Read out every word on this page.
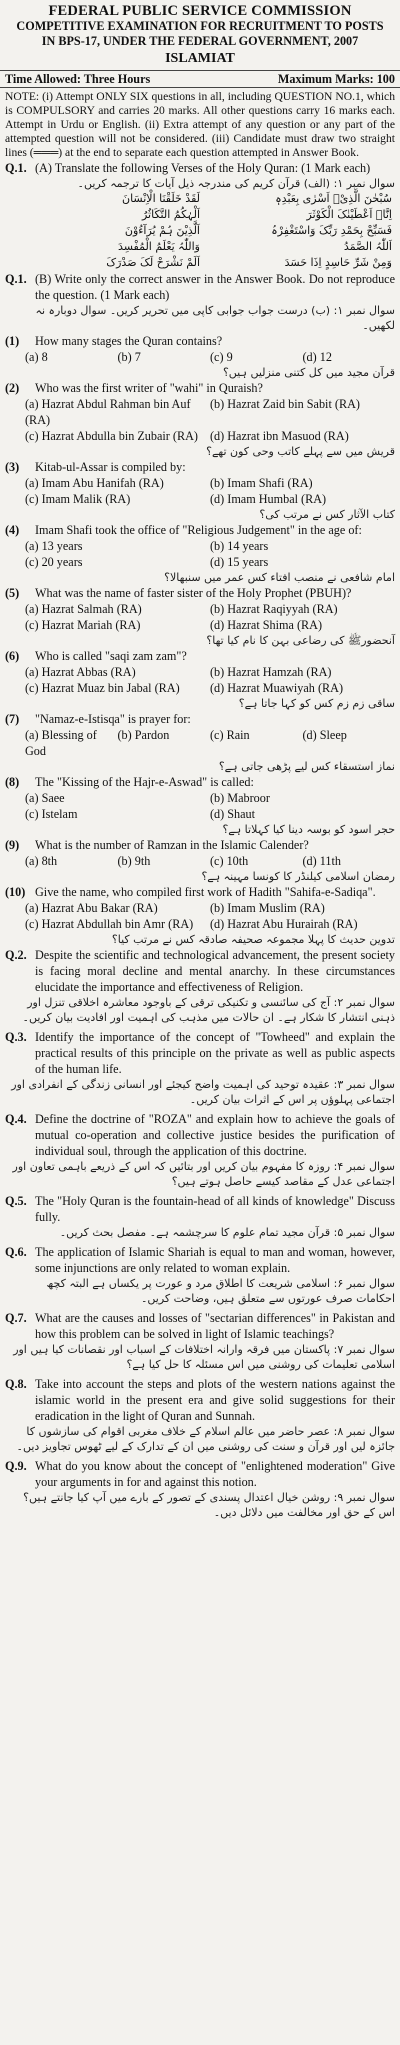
FEDERAL PUBLIC SERVICE COMMISSION
COMPETITIVE EXAMINATION FOR RECRUITMENT TO POSTS
IN BPS-17, UNDER THE FEDERAL GOVERNMENT, 2007
ISLAMIAT
Time Allowed: Three Hours	Maximum Marks: 100
NOTE: (i) Attempt ONLY SIX questions in all, including QUESTION NO.1, which is COMPULSORY and carries 20 marks. All other questions carry 16 marks each. Attempt in Urdu or English. (ii) Extra attempt of any question or any part of the attempted question will not be considered. (iii) Candidate must draw two straight lines (═══) at the end to separate each question attempted in Answer Book.
Q.1. (A) Translate the following Verses of the Holy Quran: (1 Mark each)
سوال نمبر ۱: (الف) قرآن کریم کی مندرجہ ذیل آیات کا ترجمہ کریں۔
سُبْحٰنَ الَّذِیْۤ اَسْرٰی بِعَبْدِہٖ
لَقَدْ خَلَقْنَا الْاِنْسَانَ
اِنَّاۤ اَعْطَیْنٰکَ الْکَوْثَرَ
اَلْہٰکُمُ التَّکَاثُرُ
فَسَبِّحْ بِحَمْدِ رَبِّکَ وَاسْتَغْفِرْہُ
اَلَّذِیْنَ ہُمْ یُرَآءُوْنَ
اَللّٰہُ الصَّمَدُ
وَاللّٰہُ یَعْلَمُ الْمُفْسِدَ
وَمِنْ شَرِّ حَاسِدٍ اِذَا حَسَدَ
اَلَمْ نَشْرَحْ لَکَ صَدْرَکَ
Q.1. (B) Write only the correct answer in the Answer Book. Do not reproduce the question. (1 Mark each)
سوال نمبر ۱: (ب) درست جواب جوابی کاپی میں تحریر کریں۔ سوال دوبارہ نہ لکھیں۔
(1)	How many stages the Quran contains?
(a) 8	(b) 7	(c) 9	(d) 12
قرآن مجید میں کل کتنی منزلیں ہیں؟
(2)	Who was the first writer of "wahi" in Quraish?
(a) Hazrat Abdul Rahman bin Auf (RA)
(b) Hazrat Zaid bin Sabit (RA)
(c) Hazrat Abdulla bin Zubair (RA) (d) Hazrat ibn Masuod (RA)
قریش میں سے پہلے کاتب وحی کون تھے؟
(3)	Kitab-ul-Assar is compiled by:
(a) Imam Abu Hanifah (RA)	(b) Imam Shafi (RA)
(c) Imam Malik (RA)	(d) Imam Humbal (RA)
کتاب الآثار کس نے مرتب کی؟
(4)	Imam Shafi took the office of "Religious Judgement" in the age of:
(a) 13 years	(b) 14 years
(c) 20 years	(d) 15 years
امام شافعی نے منصب افتاء کس عمر میں سنبھالا؟
(5)	What was the name of faster sister of the Holy Prophet (PBUH)?
(a) Hazrat Salmah (RA)	(b) Hazrat Raqiyyah (RA)
(c) Hazrat Mariah (RA)	(d) Hazrat Shima (RA)
آنحضورﷺ کی رضاعی بہن کا نام کیا تھا؟
(6)	Who is called "saqi zam zam"?
(a) Hazrat Abbas (RA)	(b) Hazrat Hamzah (RA)
(c) Hazrat Muaz bin Jabal (RA)	(d) Hazrat Muawiyah (RA)
ساقی زم زم کس کو کہا جاتا ہے؟
(7)	"Namaz-e-Istisqa" is prayer for:
(a) Blessing of God
(b) Pardon	(c) Rain	(d) Sleep
نماز استسقاء کس لیے پڑھی جاتی ہے؟
(8)	The "Kissing of the Hajr-e-Aswad" is called:
(a) Saee	(b) Mabroor
(c) Istelam	(d) Shaut
حجر اسود کو بوسہ دینا کیا کہلاتا ہے؟
(9)	What is the number of Ramzan in the Islamic Calender?
(a) 8th	(b) 9th	(c) 10th	(d) 11th
رمضان اسلامی کیلنڈر کا کونسا مہینہ ہے؟
(10) Give the name, who compiled first work of Hadith "Sahifa-e-Sadiqa".
(a) Hazrat Abu Bakar (RA)	(b) Imam Muslim (RA)
(c) Hazrat Abdullah bin Amr (RA)	(d) Hazrat Abu Hurairah (RA)
تدوین حدیث کا پہلا مجموعہ صحیفہ صادقہ کس نے مرتب کیا؟
Q.2. Despite the scientific and technological advancement, the present society is facing moral decline and mental anarchy. In these circumstances elucidate the importance and effectiveness of Religion.
سوال نمبر ۲: آج کی سائنسی و تکنیکی ترقی کے باوجود معاشرہ اخلاقی تنزل اور ذہنی انتشار کا شکار ہے۔ ان حالات میں مذہب کی اہمیت اور افادیت بیان کریں۔
Q.3. Identify the importance of the concept of "Towheed" and explain the practical results of this principle on the private as well as public aspects of the human life.
سوال نمبر ۳: عقیدہ توحید کی اہمیت واضح کیجئے اور انسانی زندگی کے انفرادی اور اجتماعی پہلوؤں پر اس کے اثرات بیان کریں۔
Q.4. Define the doctrine of "ROZA" and explain how to achieve the goals of mutual co-operation and collective justice besides the purification of individual soul, through the application of this doctrine.
سوال نمبر ۴: روزہ کا مفہوم بیان کریں اور بتائیں کہ اس کے ذریعے باہمی تعاون اور اجتماعی عدل کے مقاصد کیسے حاصل ہوتے ہیں؟
Q.5. The "Holy Quran is the fountain-head of all kinds of knowledge" Discuss fully.
سوال نمبر ۵: قرآن مجید تمام علوم کا سرچشمہ ہے۔ مفصل بحث کریں۔
Q.6. The application of Islamic Shariah is equal to man and woman, however, some injunctions are only related to woman explain.
سوال نمبر ۶: اسلامی شریعت کا اطلاق مرد و عورت پر یکساں ہے البتہ کچھ احکامات صرف عورتوں سے متعلق ہیں، وضاحت کریں۔
Q.7. What are the causes and losses of "sectarian differences" in Pakistan and how this problem can be solved in light of Islamic teachings?
سوال نمبر ۷: پاکستان میں فرقہ وارانہ اختلافات کے اسباب اور نقصانات کیا ہیں اور اسلامی تعلیمات کی روشنی میں اس مسئلہ کا حل کیا ہے؟
Q.8. Take into account the steps and plots of the western nations against the islamic world in the present era and give solid suggestions for their eradication in the light of Quran and Sunnah.
سوال نمبر ۸: عصر حاضر میں عالم اسلام کے خلاف مغربی اقوام کی سازشوں کا جائزہ لیں اور قرآن و سنت کی روشنی میں ان کے تدارک کے لیے ٹھوس تجاویز دیں۔
Q.9. What do you know about the concept of "enlightened moderation" Give your arguments in for and against this notion.
سوال نمبر ۹: روشن خیال اعتدال پسندی کے تصور کے بارے میں آپ کیا جانتے ہیں؟ اس کے حق اور مخالفت میں دلائل دیں۔
